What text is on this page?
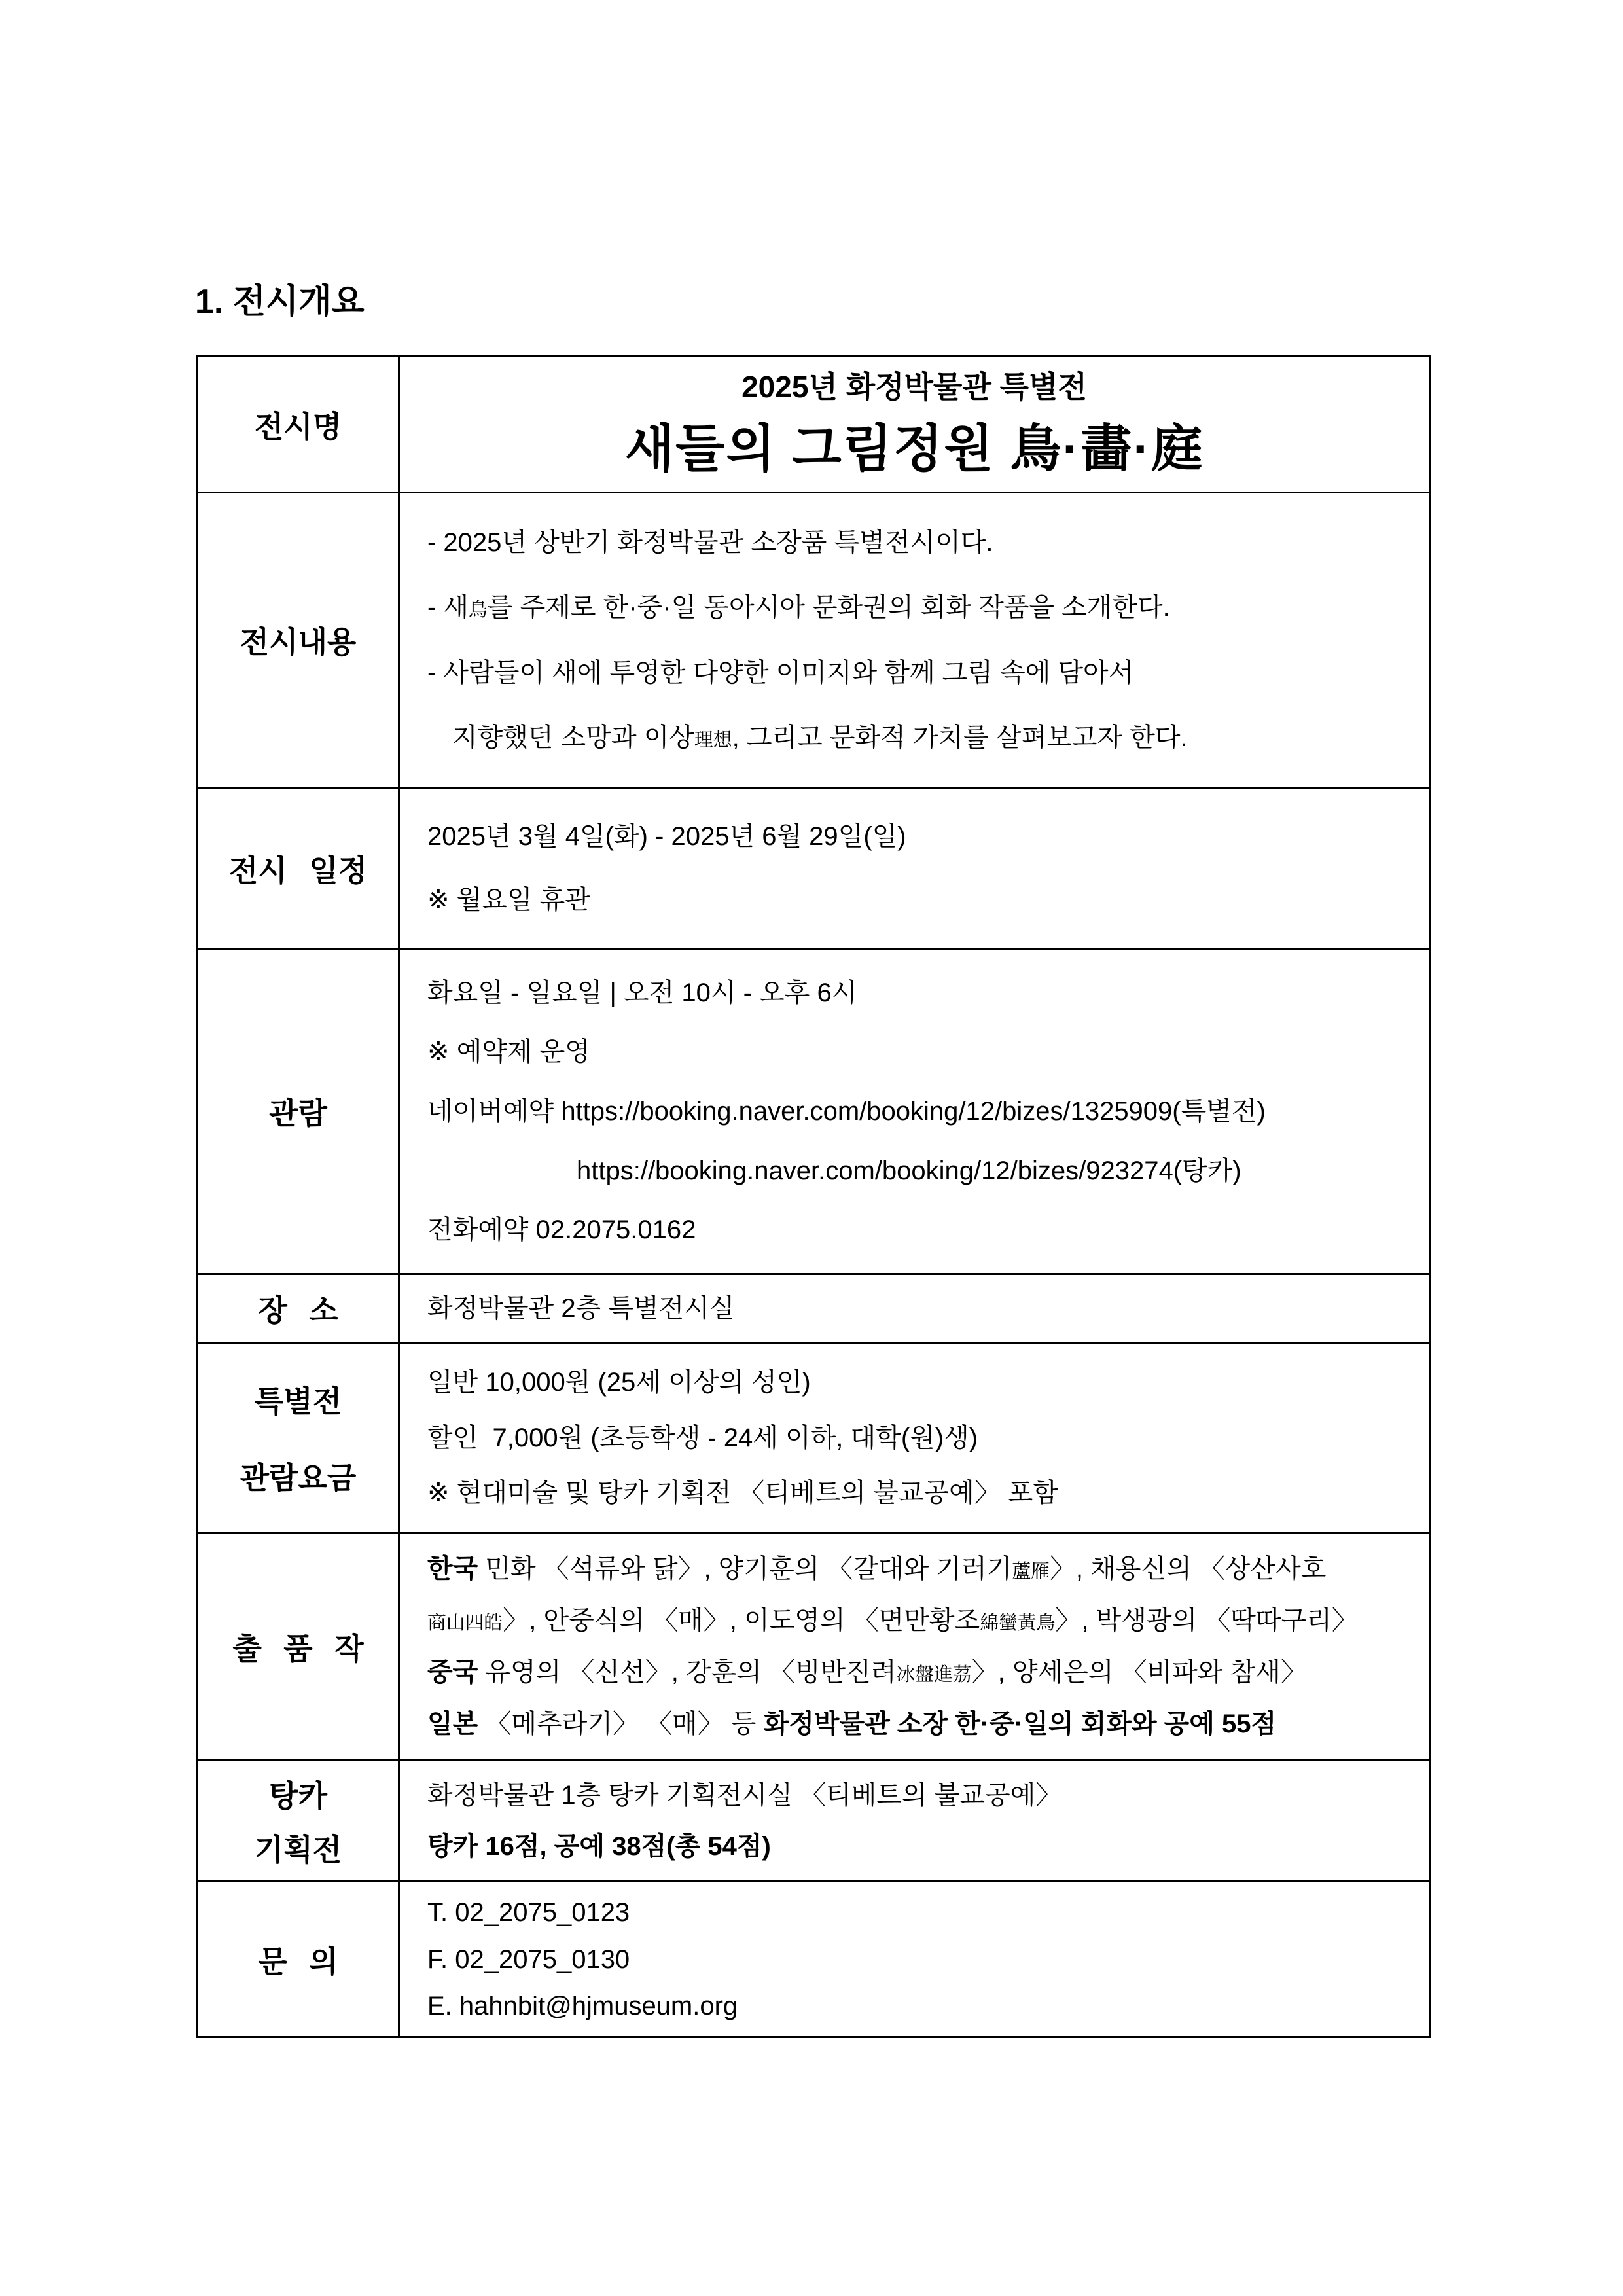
1. 전시개요
전시명
2025년 화정박물관 특별전
새들의 그림정원 鳥·畵·庭
전시내용
- 2025년 상반기 화정박물관 소장품 특별전시이다.
- 새鳥를 주제로 한·중·일 동아시아 문화권의 회화 작품을 소개한다.
- 사람들이 새에 투영한 다양한 이미지와 함께 그림 속에 담아서
지향했던 소망과 이상理想, 그리고 문화적 가치를 살펴보고자 한다.
전시 일정
2025년 3월 4일(화) - 2025년 6월 29일(일)
※ 월요일 휴관
관람
화요일 - 일요일 | 오전 10시 - 오후 6시
※ 예약제 운영
네이버예약 https://booking.naver.com/booking/12/bizes/1325909(특별전)
https://booking.naver.com/booking/12/bizes/923274(탕카)
전화예약 02.2075.0162
장 소	화정박물관 2층 특별전시실
특별전
관람요금
일반 10,000원 (25세 이상의 성인)
할인  7,000원 (초등학생 - 24세 이하, 대학(원)생)
※ 현대미술 및 탕카 기획전 〈티베트의 불교공예〉 포함
출 품 작
한국 민화 〈석류와 닭〉, 양기훈의 〈갈대와 기러기蘆雁〉, 채용신의 〈상산사호
商山四皓〉, 안중식의 〈매〉, 이도영의 〈면만황조綿蠻黃鳥〉, 박생광의 〈딱따구리〉
중국 유영의 〈신선〉, 강훈의 〈빙반진려冰盤進茘〉, 양세은의 〈비파와 참새〉
일본 〈메추라기〉 〈매〉 등 화정박물관 소장 한·중·일의 회화와 공예 55점
탕카
기획전
화정박물관 1층 탕카 기획전시실 〈티베트의 불교공예〉
탕카 16점, 공예 38점(총 54점)
문 의
T. 02_2075_0123
F. 02_2075_0130
E. hahnbit@hjmuseum.org
